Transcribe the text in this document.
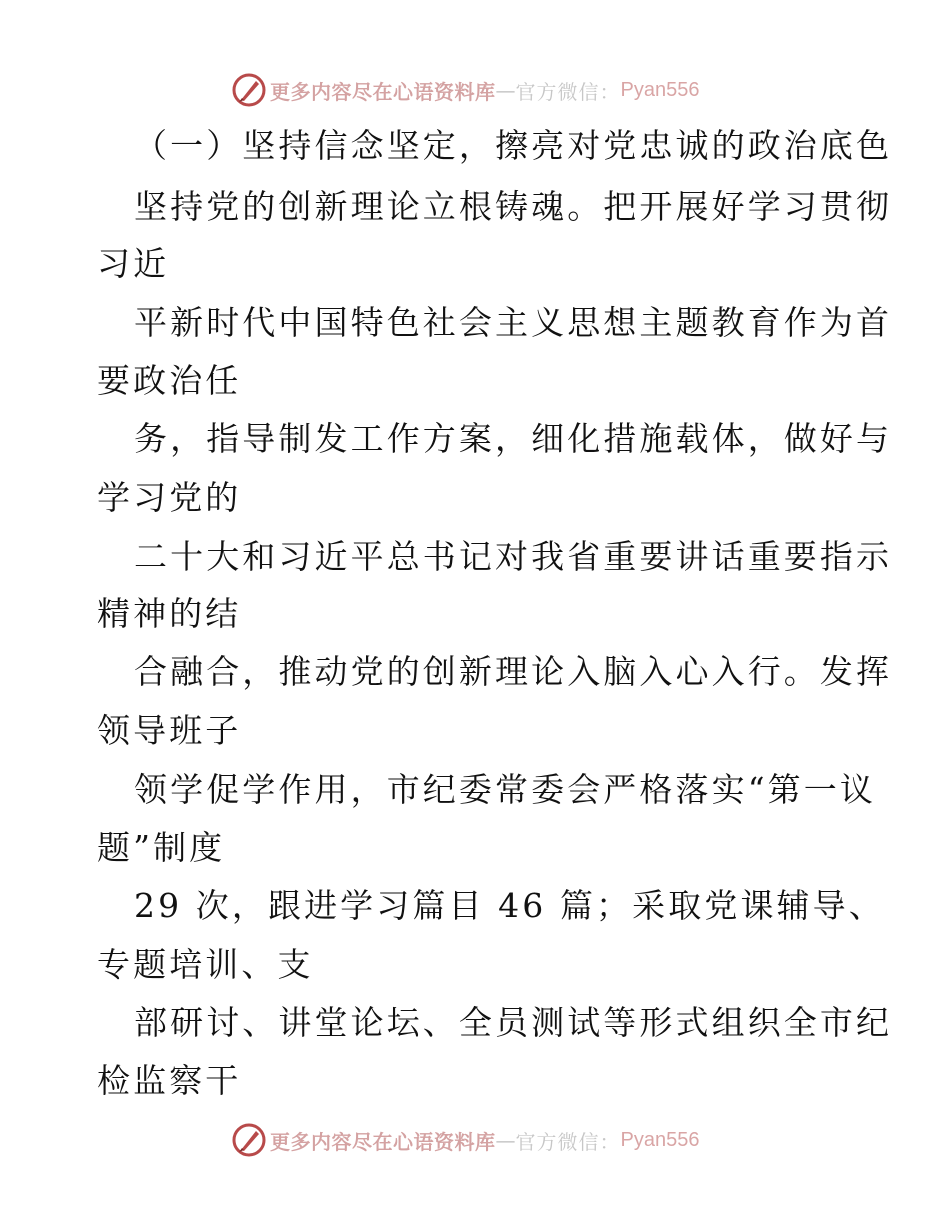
更多内容尽在心语资料库 — 官方微信： Pyan556
（一）坚持信念坚定，擦亮对党忠诚的政治底色
坚持党的创新理论立根铸魂。把开展好学习贯彻
习近
平新时代中国特色社会主义思想主题教育作为首
要政治任
务，指导制发工作方案，细化措施载体，做好与
学习党的
二十大和习近平总书记对我省重要讲话重要指示
精神的结
合融合，推动党的创新理论入脑入心入行。发挥
领导班子
领学促学作用，市纪委常委会严格落实“第一议
题”制度
29 次，跟进学习篇目 46 篇；采取党课辅导、
专题培训、支
部研讨、讲堂论坛、全员测试等形式组织全市纪
检监察干
更多内容尽在心语资料库 — 官方微信： Pyan556
